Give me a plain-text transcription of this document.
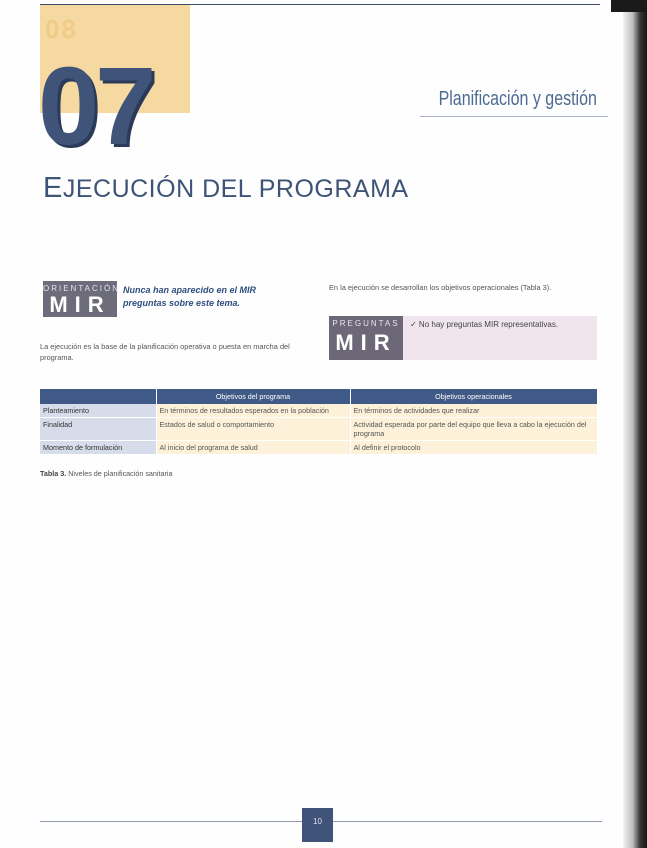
08
07	Planificación y gestión
EJECUCIÓN DEL PROGRAMA
ORIENTACIÓN
MIR
Nunca han aparecido en el MIR preguntas sobre este tema.
En la ejecución se desarrollan los objetivos operacionales (Tabla 3).
PREGUNTAS
MIR
✓ No hay preguntas MIR representativas.
La ejecución es la base de la planificación operativa o puesta en marcha del programa.
	Objetivos del programa	Objetivos operacionales
Planteamiento	En términos de resultados esperados en la población	En términos de actividades que realizar
Finalidad	Estados de salud o comportamiento	Actividad esperada por parte del equipo que lleva a cabo la ejecución del programa
Momento de formulación	Al inicio del programa de salud	Al definir el protocolo
Tabla 3. Niveles de planificación sanitaria
10
